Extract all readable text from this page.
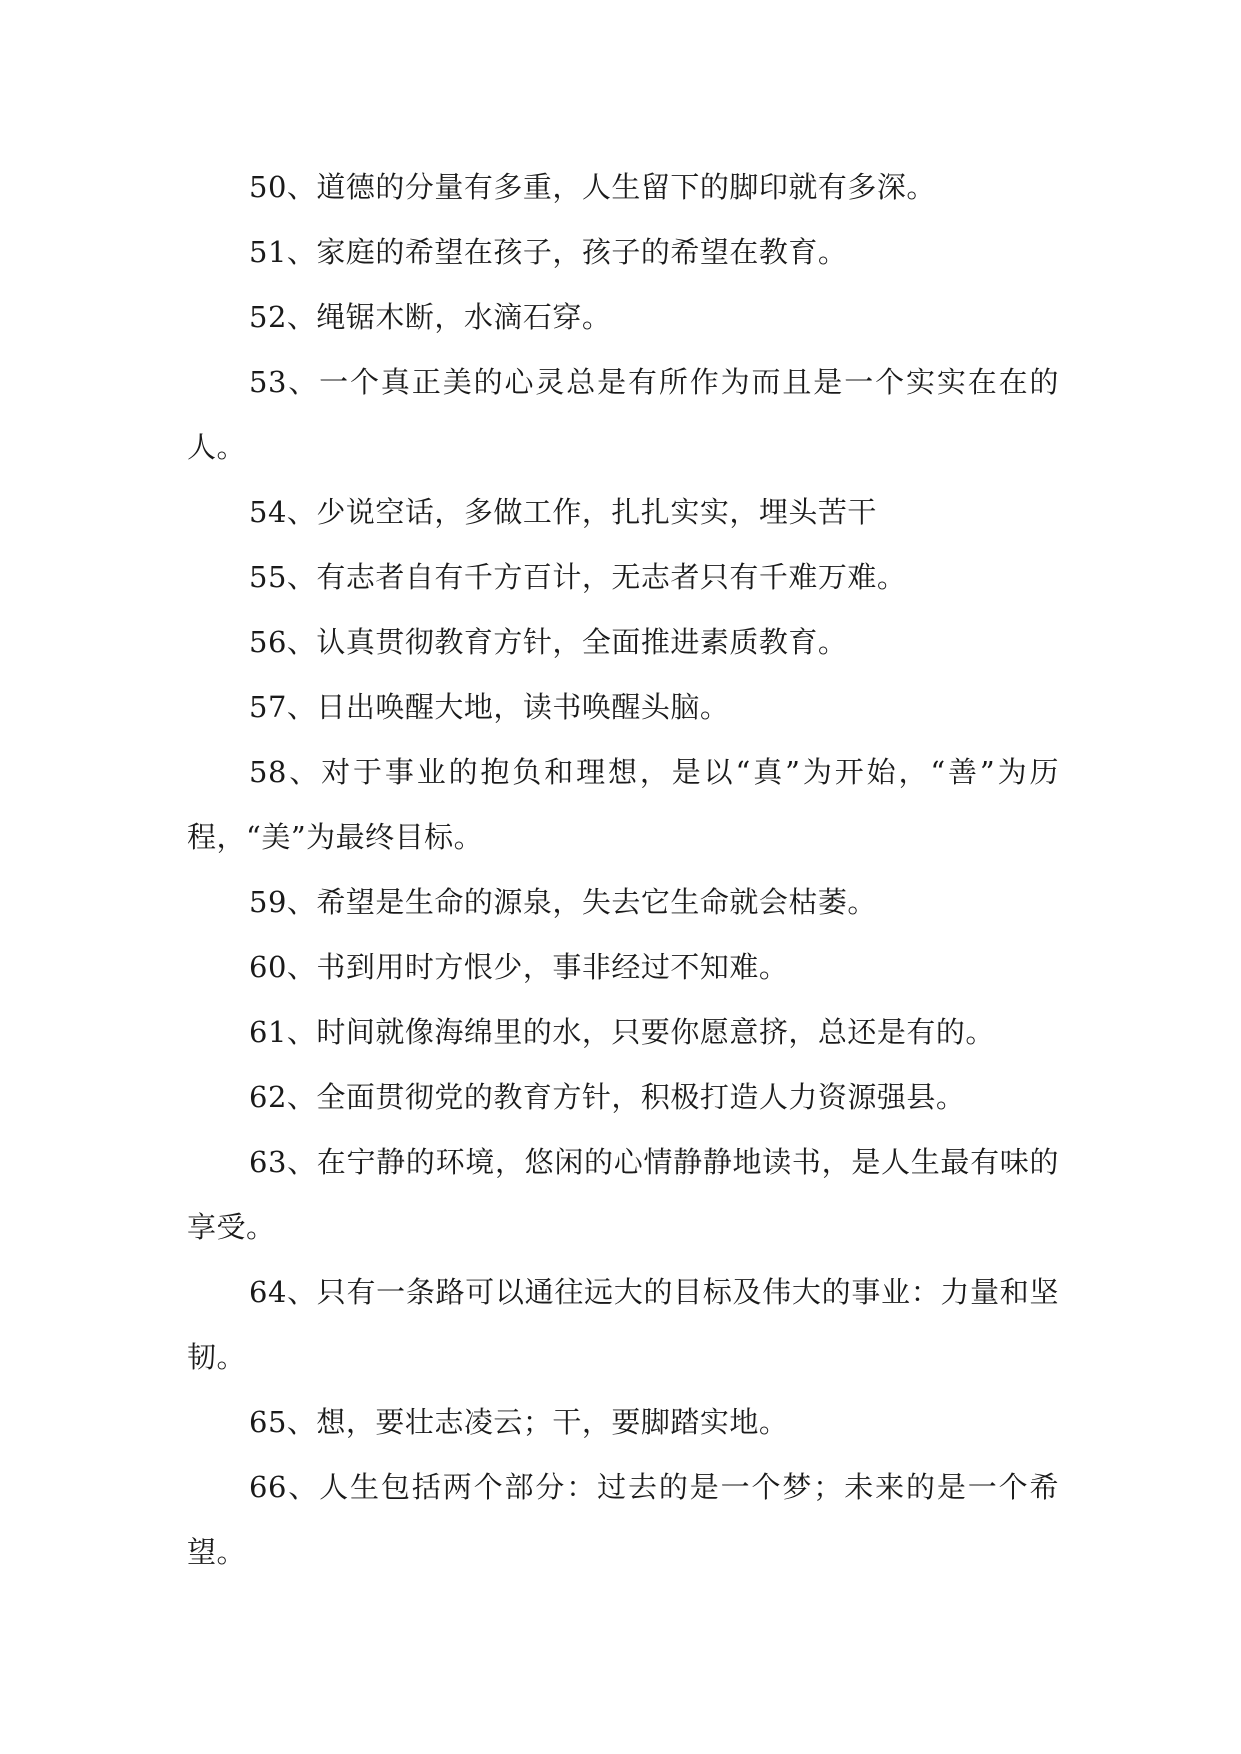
50、道德的分量有多重，人生留下的脚印就有多深。

51、家庭的希望在孩子，孩子的希望在教育。

52、绳锯木断，水滴石穿。

53、一个真正美的心灵总是有所作为而且是一个实实在在的人。

54、少说空话，多做工作，扎扎实实，埋头苦干

55、有志者自有千方百计，无志者只有千难万难。

56、认真贯彻教育方针，全面推进素质教育。

57、日出唤醒大地，读书唤醒头脑。

58、对于事业的抱负和理想，是以“真”为开始，“善”为历程，“美”为最终目标。

59、希望是生命的源泉，失去它生命就会枯萎。

60、书到用时方恨少，事非经过不知难。

61、时间就像海绵里的水，只要你愿意挤，总还是有的。

62、全面贯彻党的教育方针，积极打造人力资源强县。

63、在宁静的环境，悠闲的心情静静地读书，是人生最有味的享受。

64、只有一条路可以通往远大的目标及伟大的事业：力量和坚韧。

65、想，要壮志凌云；干，要脚踏实地。

66、人生包括两个部分：过去的是一个梦；未来的是一个希望。
